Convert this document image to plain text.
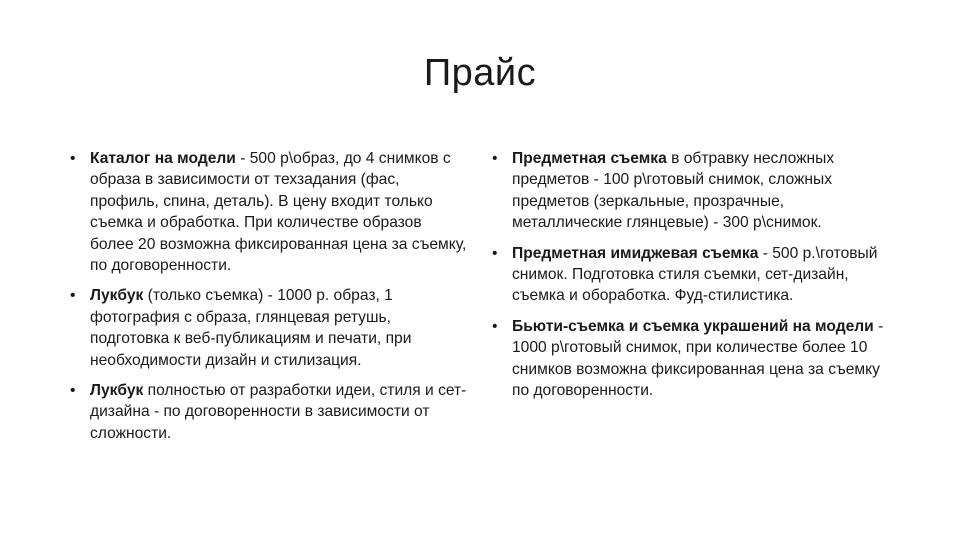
Прайс
• Каталог на модели - 500 р\образ, до 4 снимков с образа в зависимости от техзадания (фас, профиль, спина, деталь). В цену входит только съемка и обработка. При количестве образов более 20 возможна фиксированная цена за съемку, по договоренности.
• Лукбук (только съемка) - 1000 р. образ, 1 фотография с образа, глянцевая ретушь, подготовка к веб-публикациям и печати, при необходимости дизайн и стилизация.
• Лукбук полностью от разработки идеи, стиля и сет-дизайна - по договоренности в зависимости от сложности.
• Предметная съемка в обтравку несложных предметов - 100 р\готовый снимок, сложных предметов (зеркальные, прозрачные, металлические глянцевые) - 300 р\снимок.
• Предметная имиджевая съемка - 500 р.\готовый снимок. Подготовка стиля съемки, сет-дизайн, съемка и обоработка. Фуд-стилистика.
• Бьюти-съемка и съемка украшений на модели - 1000 р\готовый снимок, при количестве более 10 снимков возможна фиксированная цена за съемку по договоренности.
